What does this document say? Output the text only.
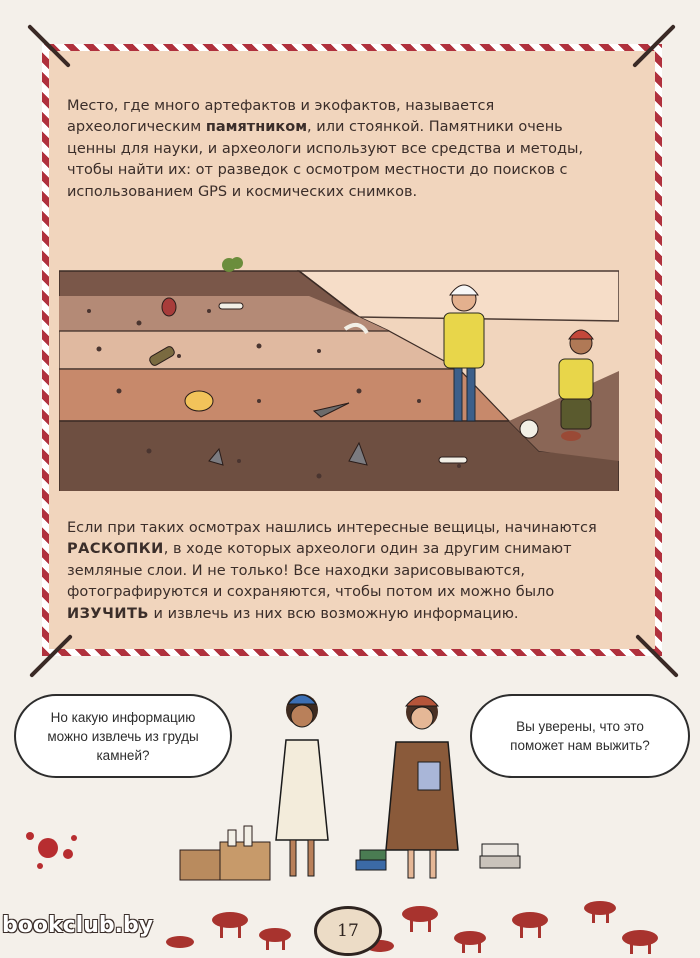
Место, где много артефактов и экофактов, называется археологическим памятником, или стоянкой. Памятники очень ценны для науки, и археологи используют все средства и методы, чтобы найти их: от разведок с осмотром местности до поисков с использованием GPS и космических снимков.

Если при таких осмотрах нашлись интересные вещицы, начинаются РАСКОПКИ, в ходе которых археологи один за другим снимают земляные слои. И не только! Все находки зарисовываются, фотографируются и сохраняются, чтобы потом их можно было ИЗУЧИТЬ и извлечь из них всю возможную информацию.

Но какую информацию
можно извлечь из груды
камней?
Вы уверены, что это
поможет нам выжить?
bookclub.by	17
